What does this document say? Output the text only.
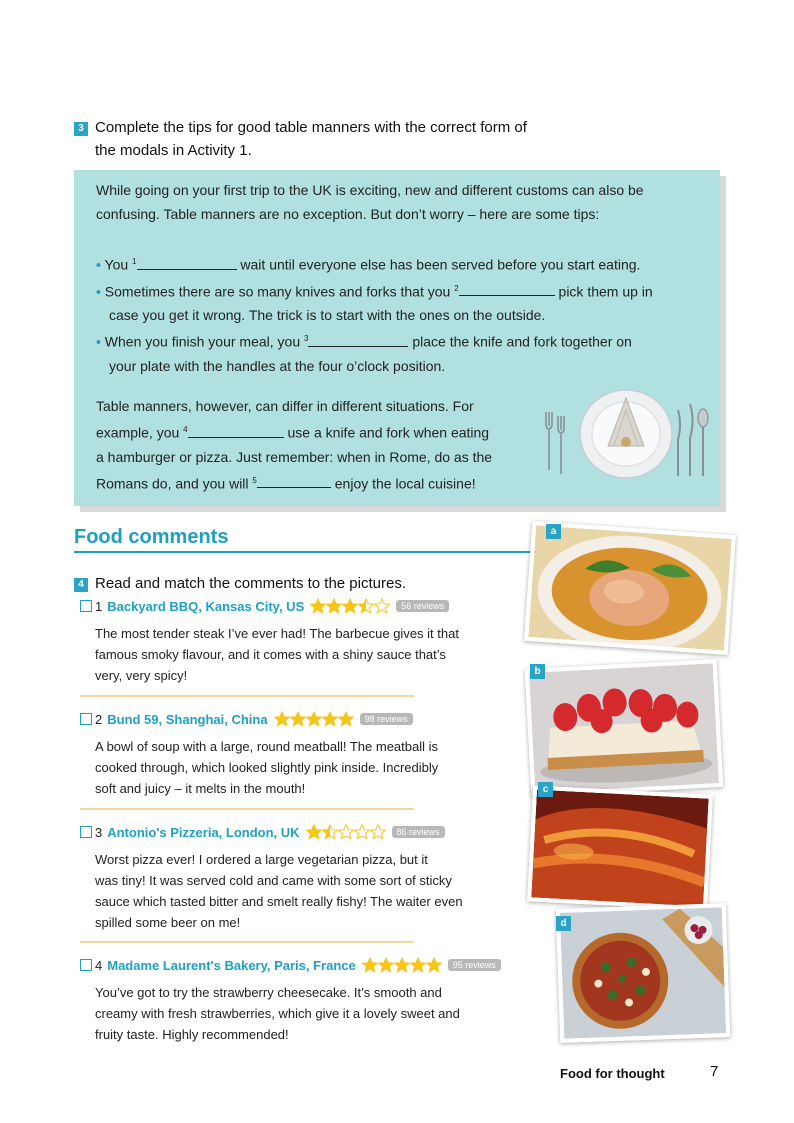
3 Complete the tips for good table manners with the correct form of
the modals in Activity 1.
While going on your first trip to the UK is exciting, new and different customs can also be
confusing. Table manners are no exception. But don’t worry – here are some tips:
• You $^1$	wait until everyone else has been served before you start eating.
• Sometimes there are so many knives and forks that you $^2$	pick them up in
case you get it wrong. The trick is to start with the ones on the outside.
• When you finish your meal, you $^3$	place the knife and fork together on
your plate with the handles at the four o’clock position.
Table manners, however, can differ in different situations. For
example, you $^4$	use a knife and fork when eating
a hamburger or pizza. Just remember: when in Rome, do as the
Romans do, and you will $^5$	enjoy the local cuisine!
Food comments
4 Read and match the comments to the pictures.
1 Backyard BBQ, Kansas City, US	56 reviews
The most tender steak I’ve ever had! The barbecue gives it that
famous smoky flavour, and it comes with a shiny sauce that’s
very, very spicy!
2 Bund 59, Shanghai, China	98 reviews
A bowl of soup with a large, round meatball! The meatball is
cooked through, which looked slightly pink inside. Incredibly
soft and juicy – it melts in the mouth!
3 Antonio's Pizzeria, London, UK	86 reviews
Worst pizza ever! I ordered a large vegetarian pizza, but it
was tiny! It was served cold and came with some sort of sticky
sauce which tasted bitter and smelt really fishy! The waiter even
spilled some beer on me!
4 Madame Laurent's Bakery, Paris, France	95 reviews
You’ve got to try the strawberry cheesecake. It’s smooth and
creamy with fresh strawberries, which give it a lovely sweet and
fruity taste. Highly recommended!
a
b
c
d
Food for thought	7
